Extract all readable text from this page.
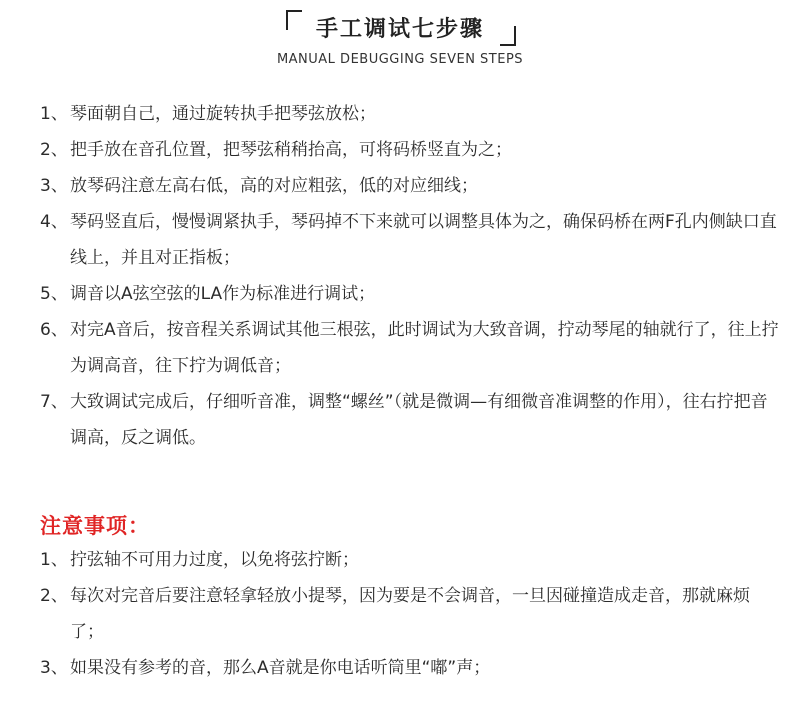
手工调试七步骤
MANUAL DEBUGGING SEVEN STEPS
1、 琴面朝自己，通过旋转执手把琴弦放松；
2、 把手放在音孔位置，把琴弦稍稍抬高，可将码桥竖直为之；
3、 放琴码注意左高右低，高的对应粗弦，低的对应细线；
4、 琴码竖直后，慢慢调紧执手，琴码掉不下来就可以调整具体为之，确保码桥在两F孔内侧缺口直线上，并且对正指板；
5、 调音以A弦空弦的LA作为标准进行调试；
6、 对完A音后，按音程关系调试其他三根弦，此时调试为大致音调，拧动琴尾的轴就行了，往上拧为调高音，往下拧为调低音；
7、 大致调试完成后，仔细听音准，调整“螺丝”（就是微调—有细微音准调整的作用），往右拧把音调高，反之调低。
注意事项：
1、 拧弦轴不可用力过度，以免将弦拧断；
2、 每次对完音后要注意轻拿轻放小提琴，因为要是不会调音，一旦因碰撞造成走音，那就麻烦了；
3、 如果没有参考的音，那么A音就是你电话听筒里“嘟”声；
